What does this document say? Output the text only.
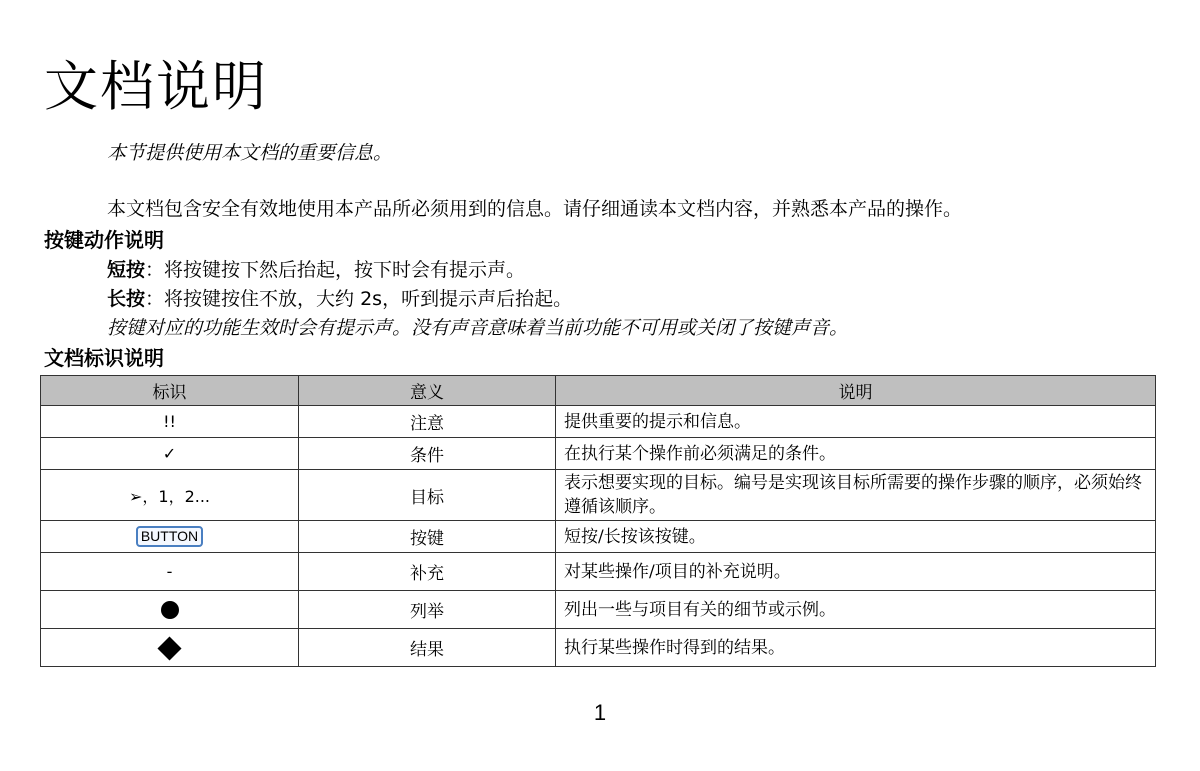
文档说明
本节提供使用本文档的重要信息。
本文档包含安全有效地使用本产品所必须用到的信息。请仔细通读本文档内容，并熟悉本产品的操作。
按键动作说明
短按：将按键按下然后抬起，按下时会有提示声。
长按：将按键按住不放，大约 2s，听到提示声后抬起。
按键对应的功能生效时会有提示声。没有声音意味着当前功能不可用或关闭了按键声音。
文档标识说明
标识	意义	说明
!!	注意	提供重要的提示和信息。
✓	条件	在执行某个操作前必须满足的条件。
➢，1，2...	目标	表示想要实现的目标。编号是实现该目标所需要的操作步骤的顺序，必须始终遵循该顺序。
BUTTON	按键	短按/长按该按键。
-	补充	对某些操作/项目的补充说明。
	列举	列出一些与项目有关的细节或示例。
	结果	执行某些操作时得到的结果。
1
